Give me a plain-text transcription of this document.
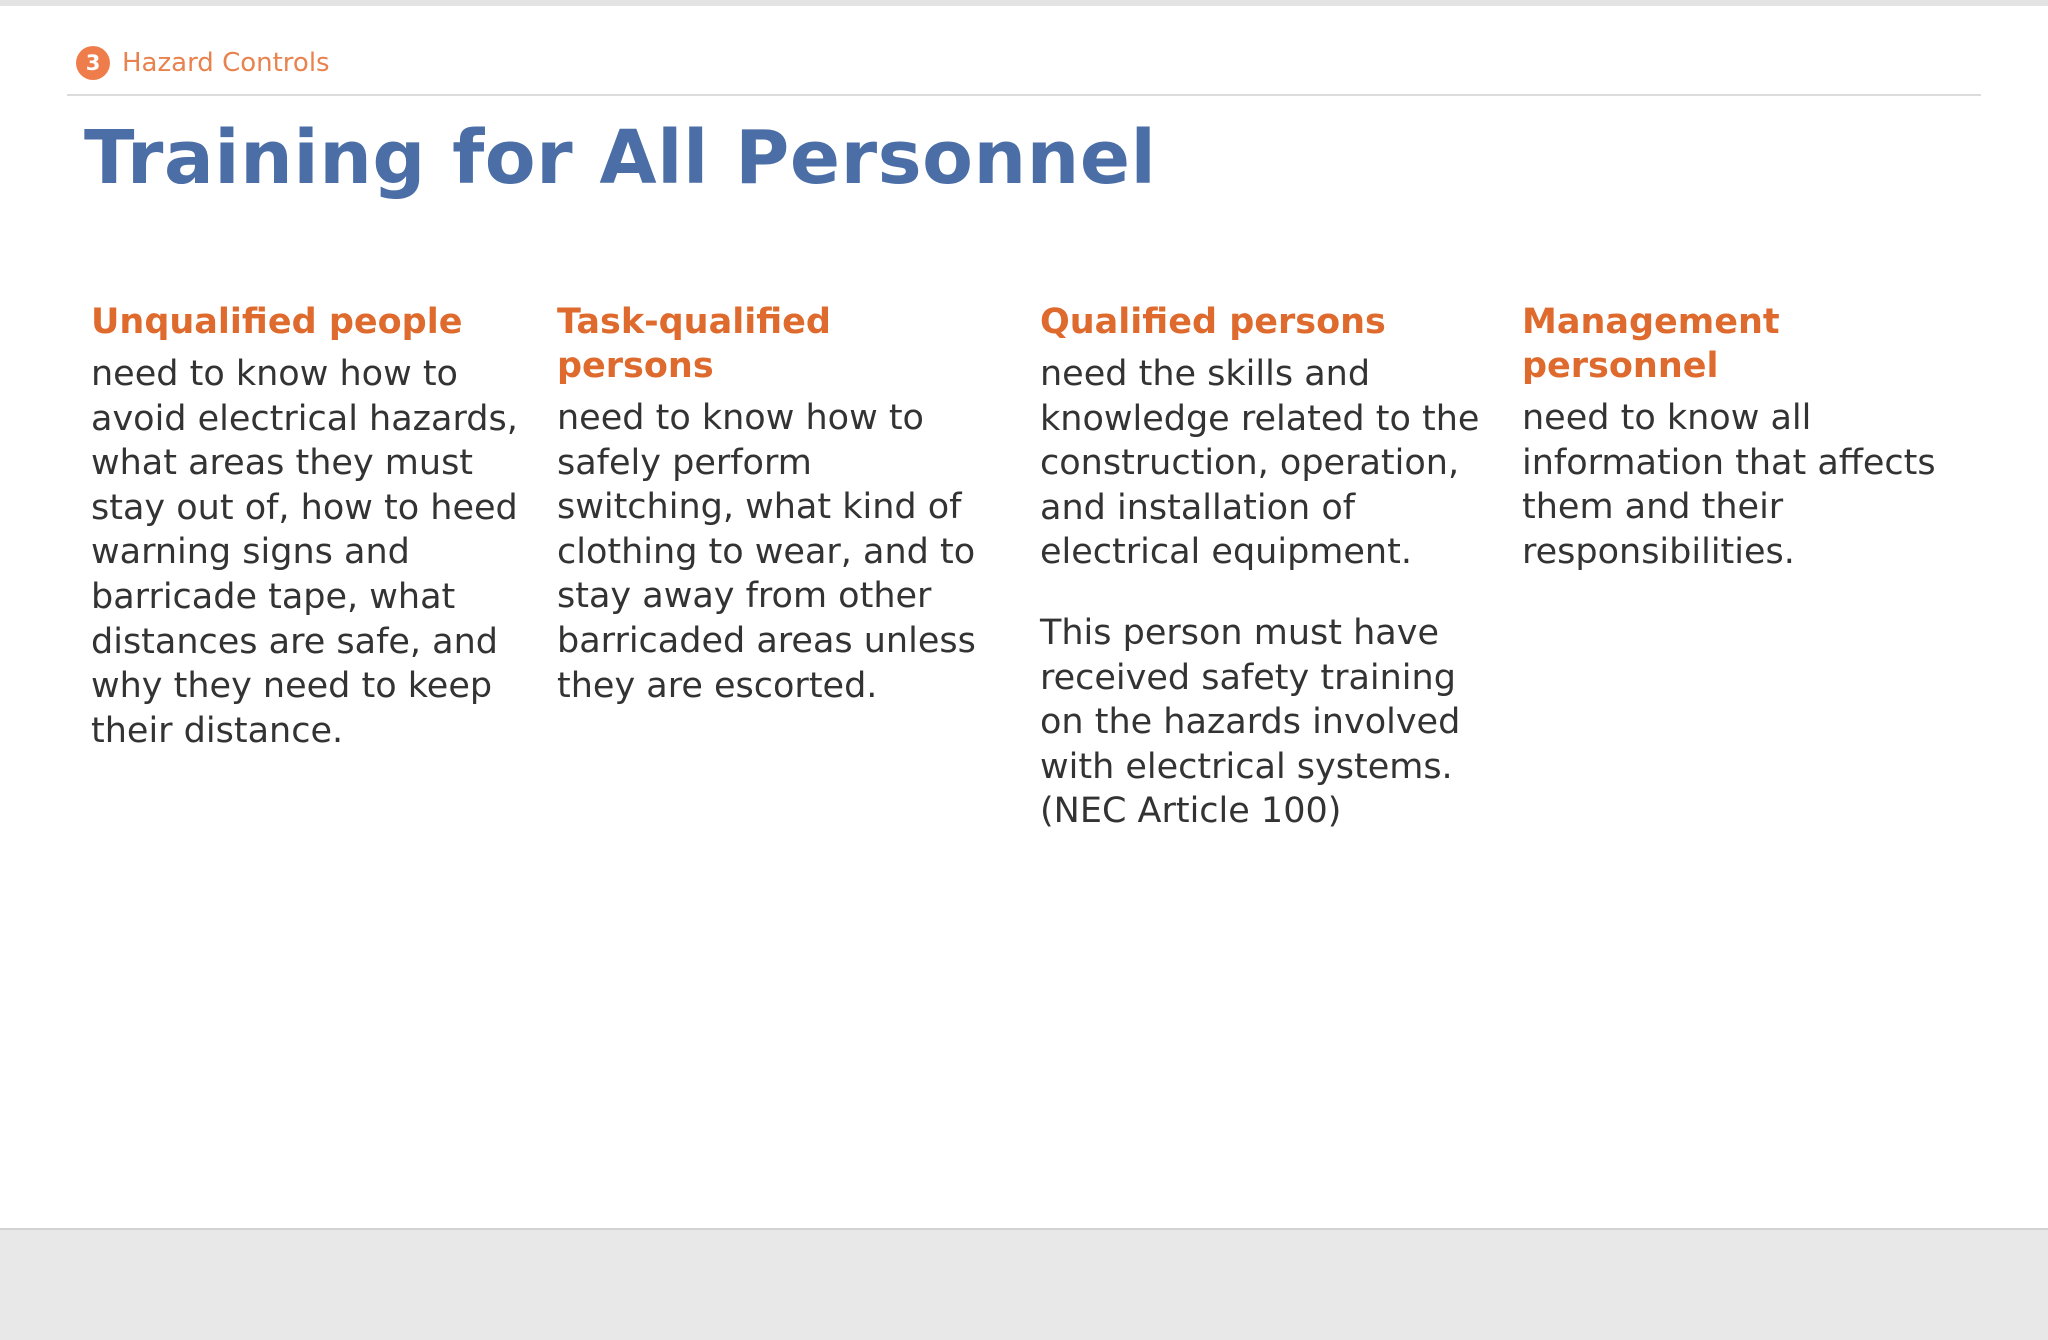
3 Hazard Controls
Training for All Personnel
Unqualified people

need to know how to avoid electrical hazards, what areas they must stay out of, how to heed warning signs and barricade tape, what distances are safe, and why they need to keep their distance.

Task-qualified persons

need to know how to safely perform switching, what kind of clothing to wear, and to stay away from other barricaded areas unless they are escorted.

Qualified persons

need the skills and knowledge related to the construction, operation, and installation of electrical equipment.

This person must have received safety training on the hazards involved with electrical systems. (NEC Article 100)

Management personnel

need to know all information that affects them and their responsibilities.
